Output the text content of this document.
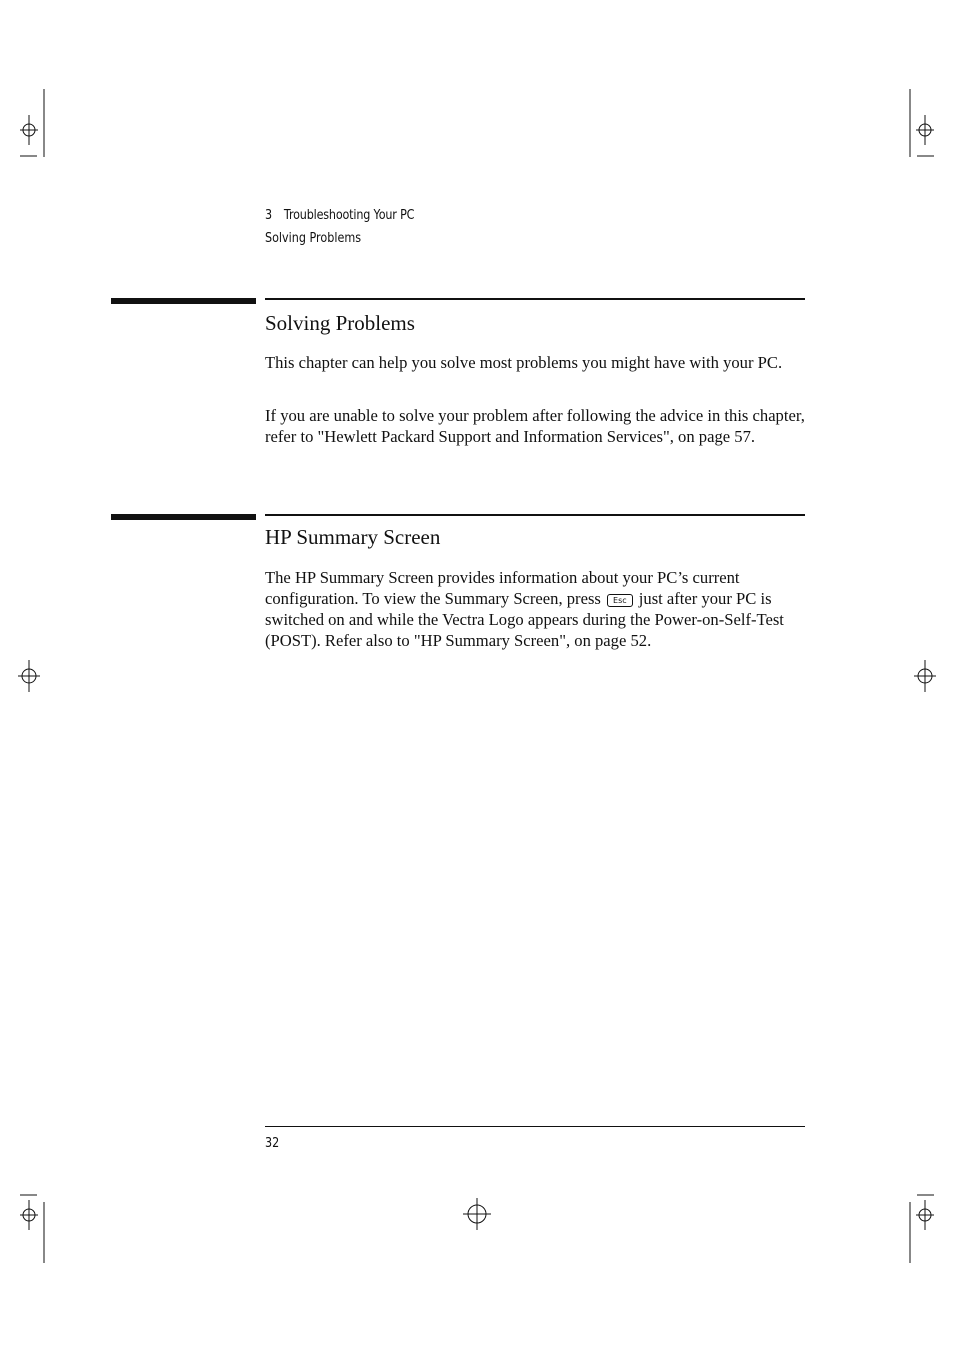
3 Troubleshooting Your PC
Solving Problems
Solving Problems
This chapter can help you solve most problems you might have with your PC.
If you are unable to solve your problem after following the advice in this chapter, refer to "Hewlett Packard Support and Information Services", on page 57.
HP Summary Screen
The HP Summary Screen provides information about your PC’s current configuration. To view the Summary Screen, press Esc just after your PC is switched on and while the Vectra Logo appears during the Power-on-Self-Test (POST). Refer also to "HP Summary Screen", on page 52.
32
